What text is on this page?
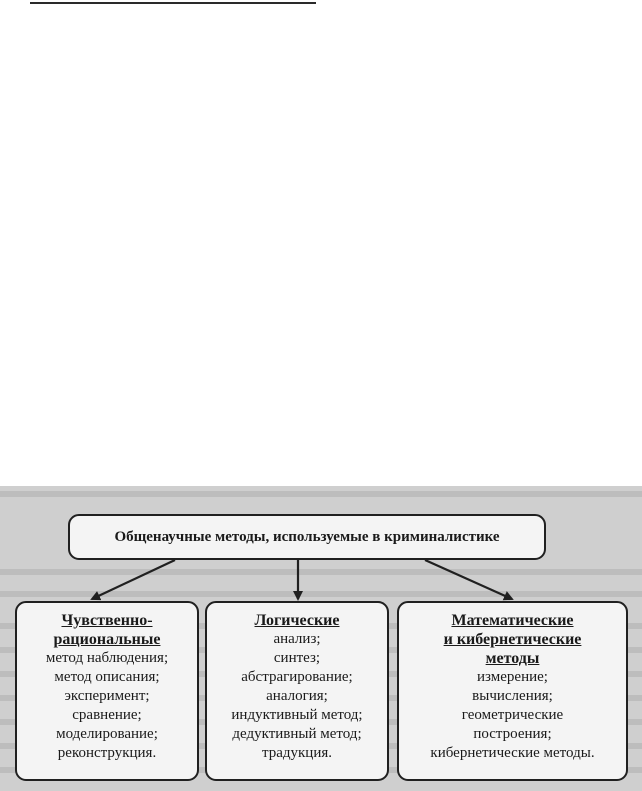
Общенаучные методы, используемые в криминалистике
Чувственно-
рациональные
метод наблюдения;
метод описания;
эксперимент;
сравнение;
моделирование;
реконструкция.
Логические
анализ;
синтез;
абстрагирование;
аналогия;
индуктивный метод;
дедуктивный метод;
традукция.
Математические
и кибернетические
методы
измерение;
вычисления;
геометрические
построения;
кибернетические методы.
